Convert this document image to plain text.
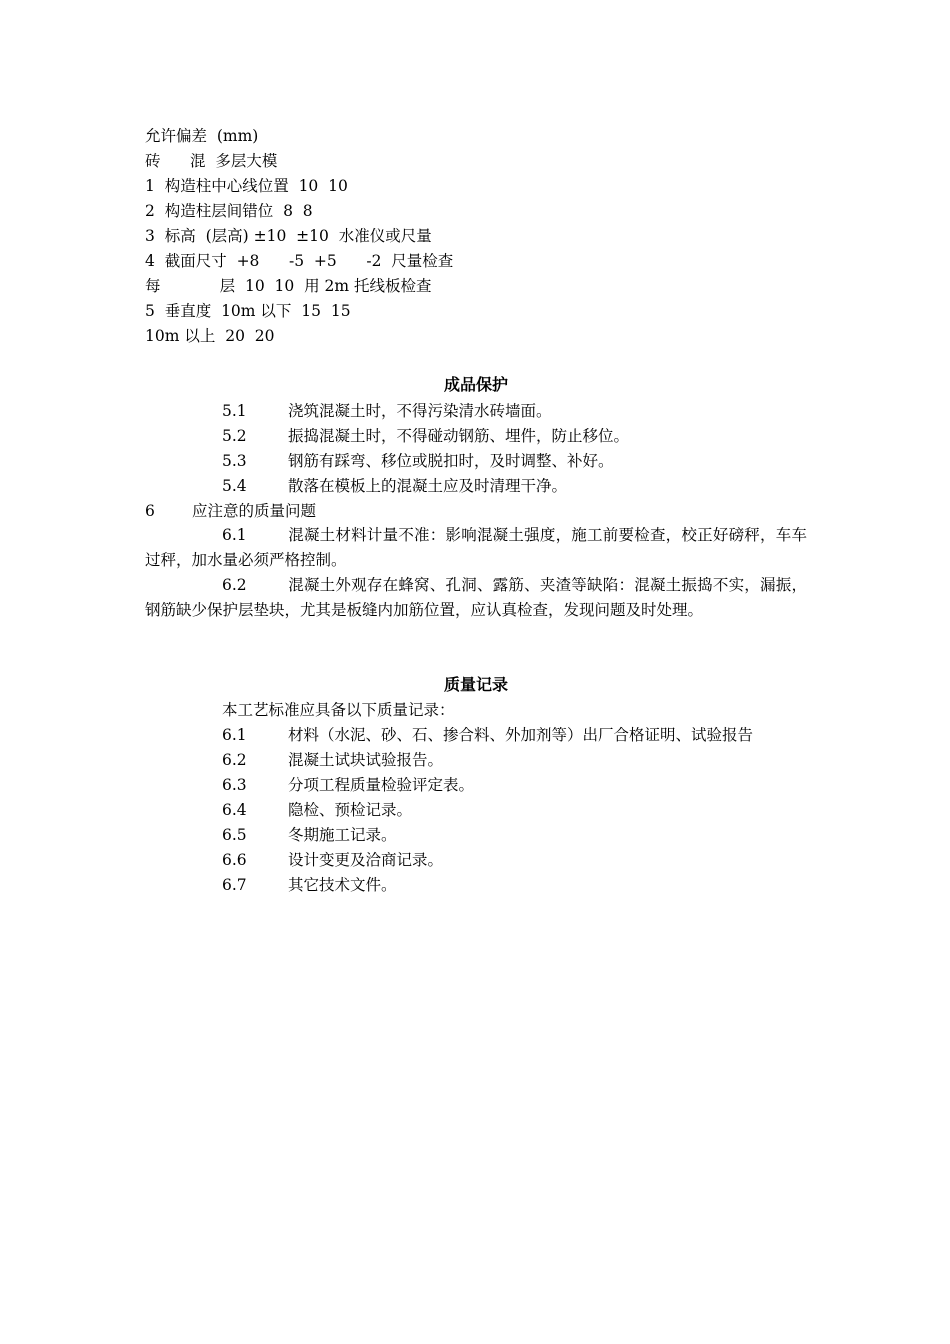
允许偏差  (mm)
砖      混  多层大模
1  构造柱中心线位置  10  10
2  构造柱层间错位  8  8
3  标高  (层高) ±10  ±10  水准仪或尺量
4  截面尺寸  +8      -5  +5      -2  尺量检查
每            层  10  10  用 2m 托线板检查
5  垂直度  10m 以下  15  15
10m 以上  20  20
成品保护
5.1	浇筑混凝土时，不得污染清水砖墙面。
5.2	振捣混凝土时，不得碰动钢筋、埋件，防止移位。
5.3	钢筋有踩弯、移位或脱扣时，及时调整、补好。
5.4	散落在模板上的混凝土应及时清理干净。
6 应注意的质量问题
6.1	混凝土材料计量不准：影响混凝土强度，施工前要检查，校正好磅秤，车车过秤，加水量必须严格控制。
6.2	混凝土外观存在蜂窝、孔洞、露筋、夹渣等缺陷：混凝土振捣不实，漏振，钢筋缺少保护层垫块，尤其是板缝内加筋位置，应认真检查，发现问题及时处理。
质量记录
本工艺标准应具备以下质量记录：
6.1	材料（水泥、砂、石、掺合料、外加剂等）出厂合格证明、试验报告
6.2	混凝土试块试验报告。
6.3	分项工程质量检验评定表。
6.4	隐检、预检记录。
6.5	冬期施工记录。
6.6	设计变更及洽商记录。
6.7	其它技术文件。
